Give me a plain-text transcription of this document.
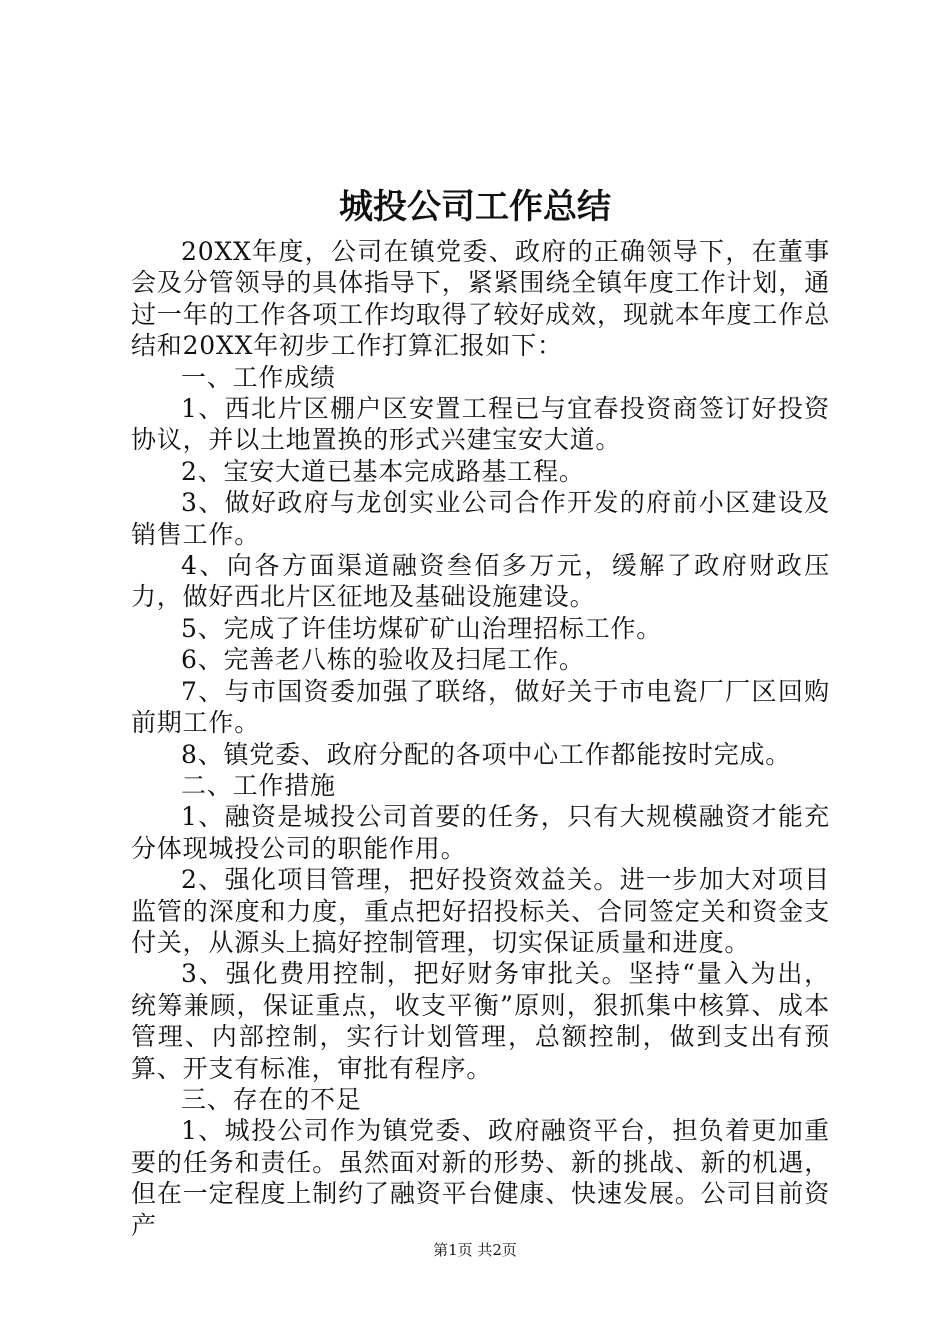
城投公司工作总结

20XX年度，公司在镇党委、政府的正确领导下，在董事会及分管领导的具体指导下，紧紧围绕全镇年度工作计划，通过一年的工作各项工作均取得了较好成效，现就本年度工作总结和20XX年初步工作打算汇报如下：

一、工作成绩

1、西北片区棚户区安置工程已与宜春投资商签订好投资协议，并以土地置换的形式兴建宝安大道。

2、宝安大道已基本完成路基工程。

3、做好政府与龙创实业公司合作开发的府前小区建设及销售工作。

4、向各方面渠道融资叁佰多万元，缓解了政府财政压力，做好西北片区征地及基础设施建设。

5、完成了许佳坊煤矿矿山治理招标工作。

6、完善老八栋的验收及扫尾工作。

7、与市国资委加强了联络，做好关于市电瓷厂厂区回购前期工作。

8、镇党委、政府分配的各项中心工作都能按时完成。

二、工作措施

1、融资是城投公司首要的任务，只有大规模融资才能充分体现城投公司的职能作用。

2、强化项目管理，把好投资效益关。进一步加大对项目监管的深度和力度，重点把好招投标关、合同签定关和资金支付关，从源头上搞好控制管理，切实保证质量和进度。

3、强化费用控制，把好财务审批关。坚持“量入为出，统筹兼顾，保证重点，收支平衡”原则，狠抓集中核算、成本管理、内部控制，实行计划管理，总额控制，做到支出有预算、开支有标准，审批有程序。

三、存在的不足

1、城投公司作为镇党委、政府融资平台，担负着更加重要的任务和责任。虽然面对新的形势、新的挑战、新的机遇，但在一定程度上制约了融资平台健康、快速发展。公司目前资产

第1页 共2页
